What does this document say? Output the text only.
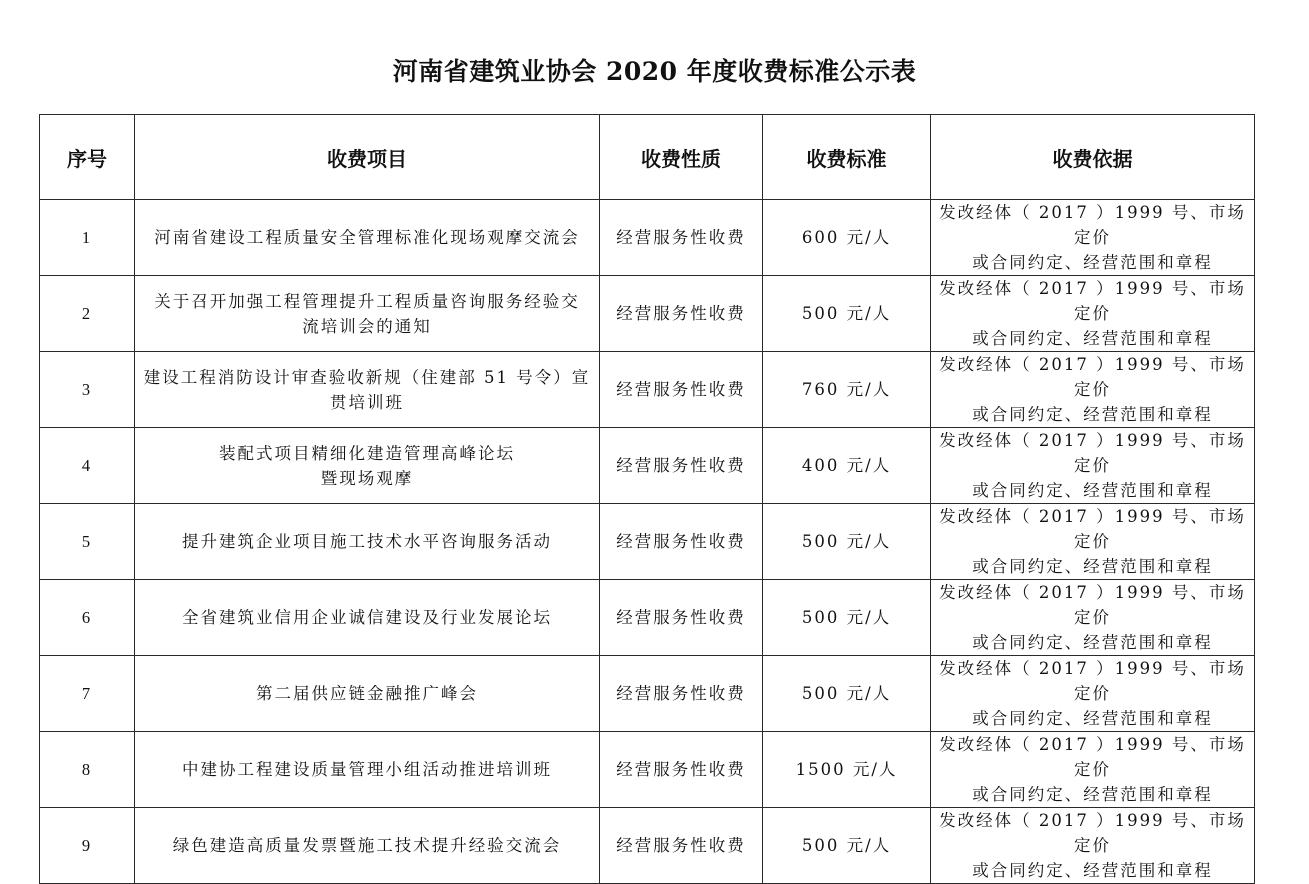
河南省建筑业协会 2020 年度收费标准公示表
序号	收费项目	收费性质	收费标准	收费依据
1	河南省建设工程质量安全管理标准化现场观摩交流会	经营服务性收费	600 元/人	发改经体（ 2017 ）1999 号、市场定价
或合同约定、经营范围和章程
2	关于召开加强工程管理提升工程质量咨询服务经验交
流培训会的通知	经营服务性收费	500 元/人	发改经体（ 2017 ）1999 号、市场定价
或合同约定、经营范围和章程
3	建设工程消防设计审查验收新规（住建部 51 号令）宣
贯培训班	经营服务性收费	760 元/人	发改经体（ 2017 ）1999 号、市场定价
或合同约定、经营范围和章程
4	装配式项目精细化建造管理高峰论坛
暨现场观摩	经营服务性收费	400 元/人	发改经体（ 2017 ）1999 号、市场定价
或合同约定、经营范围和章程
5	提升建筑企业项目施工技术水平咨询服务活动	经营服务性收费	500 元/人	发改经体（ 2017 ）1999 号、市场定价
或合同约定、经营范围和章程
6	全省建筑业信用企业诚信建设及行业发展论坛	经营服务性收费	500 元/人	发改经体（ 2017 ）1999 号、市场定价
或合同约定、经营范围和章程
7	第二届供应链金融推广峰会	经营服务性收费	500 元/人	发改经体（ 2017 ）1999 号、市场定价
或合同约定、经营范围和章程
8	中建协工程建设质量管理小组活动推进培训班	经营服务性收费	1500 元/人	发改经体（ 2017 ）1999 号、市场定价
或合同约定、经营范围和章程
9	绿色建造高质量发票暨施工技术提升经验交流会	经营服务性收费	500 元/人	发改经体（ 2017 ）1999 号、市场定价
或合同约定、经营范围和章程
